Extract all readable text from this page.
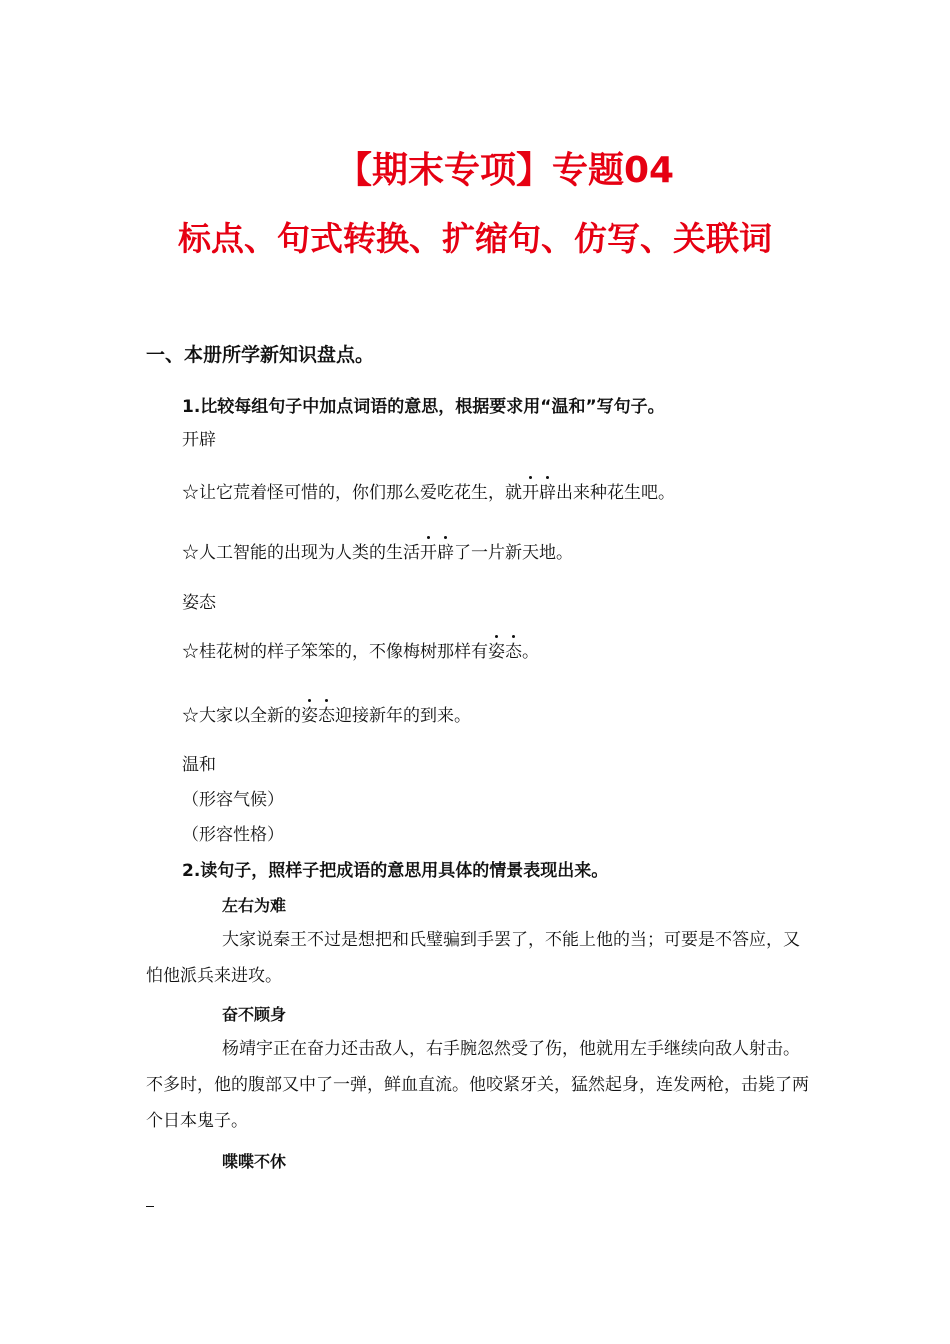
【期末专项】专题04
标点、句式转换、扩缩句、仿写、关联词
一、本册所学新知识盘点。
1.比较每组句子中加点词语的意思，根据要求用“温和”写句子。
开辟
☆让它荒着怪可惜的，你们那么爱吃花生，就开辟出来种花生吧。
☆人工智能的出现为人类的生活开辟了一片新天地。
姿态
☆桂花树的样子笨笨的，不像梅树那样有姿态。
☆大家以全新的姿态迎接新年的到来。
温和
（形容气候）
（形容性格）
2.读句子，照样子把成语的意思用具体的情景表现出来。
左右为难
大家说秦王不过是想把和氏璧骗到手罢了，不能上他的当；可要是不答应，又怕他派兵来进攻。
奋不顾身
杨靖宇正在奋力还击敌人，右手腕忽然受了伤，他就用左手继续向敌人射击。不多时，他的腹部又中了一弹，鲜血直流。他咬紧牙关，猛然起身，连发两枪，击毙了两个日本鬼子。
喋喋不休
